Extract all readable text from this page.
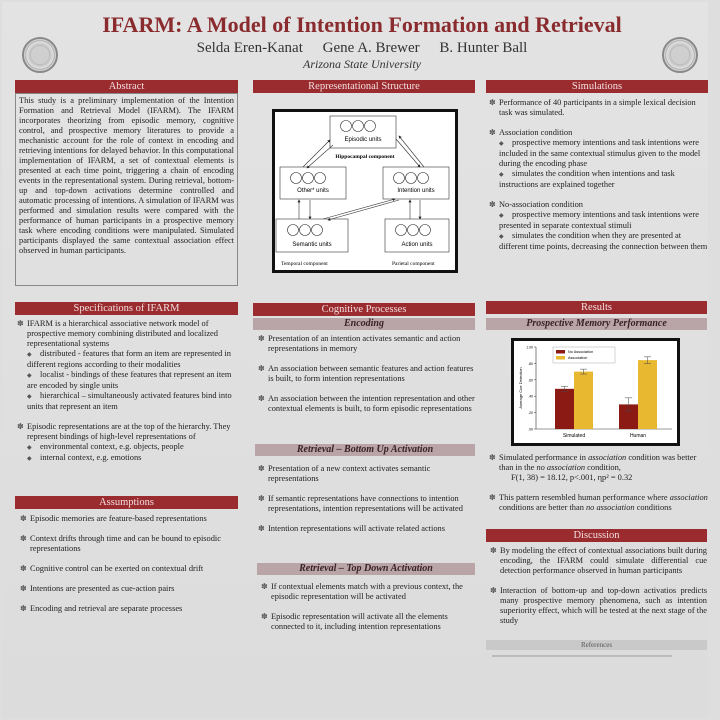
IFARM: A Model of Intention Formation and Retrieval
Selda Eren-Kanat Gene A. Brewer B. Hunter Ball
Arizona State University
Abstract
This study is a preliminary implementation of the Intention Formation and Retrieval Model (IFARM). The IFARM incorporates theorizing from episodic memory, cognitive control, and prospective memory literatures to provide a mechanistic account for the role of context in encoding and retrieving intentions for delayed behavior. In this computational implementation of IFARM, a set of contextual elements is presented at each time point, triggering a chain of encoding events in the representational system. During retrieval, bottom-up and top-down activations determine controlled and automatic processing of intentions. A simulation of IFARM was performed and simulation results were compared with the performance of human participants in a prospective memory task where encoding conditions were manipulated. Simulated participants displayed the same contextual association effect observed in human participants.
Specifications of IFARM
✽ IFARM is a hierarchical associative network model of prospective memory combining distributed and localized representational systems
◆ distributed - features that form an item are represented in different regions according to their modalities
◆ localist - bindings of these features that represent an item are encoded by single units
◆ hierarchical – simultaneously activated features bind into units that represent an item
✽ Episodic representations are at the top of the hierarchy. They represent bindings of high-level representations of
◆ environmental context, e.g. objects, people
◆ internal context, e.g. emotions
Assumptions
✽ Episodic memories are feature-based representations
✽ Context drifts through time and can be bound to episodic representations
✽ Cognitive control can be exerted on contextual drift
✽ Intentions are presented as cue-action pairs
✽ Encoding and retrieval are separate processes
Representational Structure
Episodic units
Other* units	Intention units
Semantic units	Action units
Hippocampal component
Temporal component	Parietal component
Cognitive Processes
Encoding
✽ Presentation of an intention activates semantic and action representations in memory
✽ An association between semantic features and action features is built, to form intention representations
✽ An association between the intention representation and other contextual elements is built, to form episodic representations
Retrieval – Bottom Up Activation
✽ Presentation of a new context activates semantic representations
✽ If semantic representations have connections to intention representations, intention representations will be activated
✽ Intention representations will activate related actions
Retrieval – Top Down Activation
✽ If contextual elements match with a previous context, the episodic representation will be activated
✽ Episodic representation will activate all the elements connected to it, including intention representations
Simulations
✽ Performance of 40 participants in a simple lexical decision task was simulated.
✽ Association condition
◆ prospective memory intentions and task intentions were included in the same contextual stimulus given to the model during the encoding phase
◆ simulates the condition when intentions and task instructions are explained together
✽ No-association condition
◆ prospective memory intentions and task intentions were presented in separate contextual stimuli
◆ simulates the condition when they are presented at different time points, decreasing the connection between them
Results
Prospective Memory Performance
.00
.20
.40
.60
.80
1.00
Average Cue Detection
Simulated	Human
No Association
Association
✽ Simulated performance in association condition was better than in the no association condition,
F(1, 38) = 18.12, p<.001, ηp² = 0.32
✽ This pattern resembled human performance where association conditions are better than no association conditions
Discussion
✽ By modeling the effect of contextual associations built during encoding, the IFARM could simulate differential cue detection performance observed in human participants
✽ Interaction of bottom-up and top-down activatios predicts many prospective memory phenomena, such as intention superiority effect, which will be tested at the next stage of the study
References
